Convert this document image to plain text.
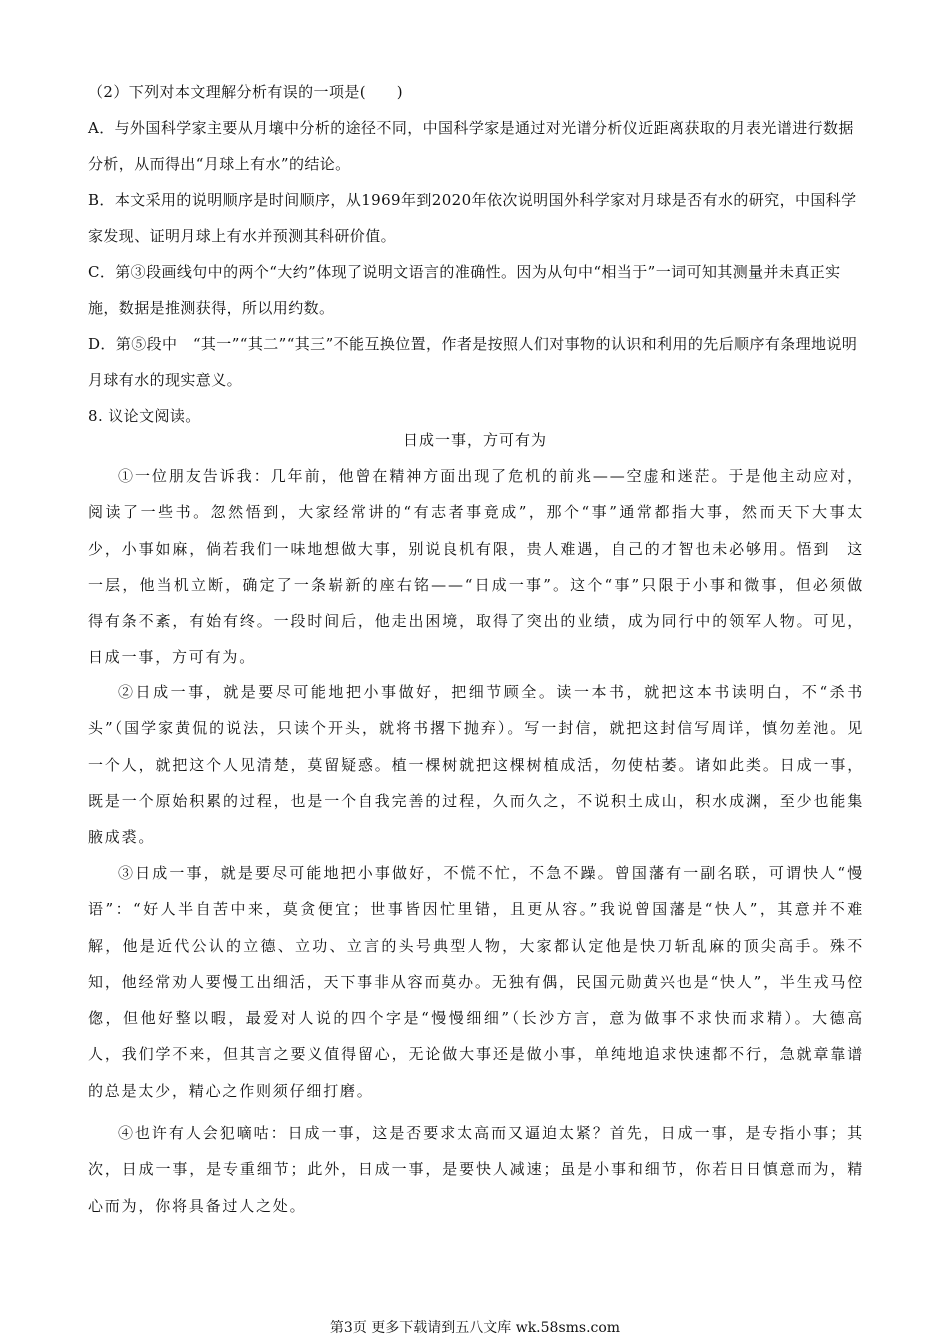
（2）下列对本文理解分析有误的一项是(　　)

A．与外国科学家主要从月壤中分析的途径不同，中国科学家是通过对光谱分析仪近距离获取的月表光谱进行数据分析，从而得出“月球上有水”的结论。

B．本文采用的说明顺序是时间顺序，从1969年到2020年依次说明国外科学家对月球是否有水的研究，中国科学家发现、证明月球上有水并预测其科研价值。

C．第③段画线句中的两个“大约”体现了说明文语言的准确性。因为从句中“相当于”一词可知其测量并未真正实施，数据是推测获得，所以用约数。

D．第⑤段中　“其一”“其二”“其三”不能互换位置，作者是按照人们对事物的认识和利用的先后顺序有条理地说明月球有水的现实意义。

8. 议论文阅读。

日成一事，方可有为

①一位朋友告诉我：几年前，他曾在精神方面出现了危机的前兆——空虚和迷茫。于是他主动应对，阅读了一些书。忽然悟到，大家经常讲的“有志者事竟成”，那个“事”通常都指大事，然而天下大事太少，小事如麻，倘若我们一味地想做大事，别说良机有限，贵人难遇，自己的才智也未必够用。悟到　这一层，他当机立断，确定了一条崭新的座右铭——“日成一事”。这个“事”只限于小事和微事，但必须做得有条不紊，有始有终。一段时间后，他走出困境，取得了突出的业绩，成为同行中的领军人物。可见，日成一事，方可有为。

②日成一事，就是要尽可能地把小事做好，把细节顾全。读一本书，就把这本书读明白，不“杀书头”（国学家黄侃的说法，只读个开头，就将书撂下抛弃）。写一封信，就把这封信写周详，慎勿差池。见一个人，就把这个人见清楚，莫留疑惑。植一棵树就把这棵树植成活，勿使枯萎。诸如此类。日成一事，既是一个原始积累的过程，也是一个自我完善的过程，久而久之，不说积土成山，积水成渊，至少也能集腋成裘。

③日成一事，就是要尽可能地把小事做好，不慌不忙，不急不躁。曾国藩有一副名联，可谓快人“慢语”：“好人半自苦中来，莫贪便宜；世事皆因忙里错，且更从容。”我说曾国藩是“快人”，其意并不难解，他是近代公认的立德、立功、立言的头号典型人物，大家都认定他是快刀斩乱麻的顶尖高手。殊不知，他经常劝人要慢工出细活，天下事非从容而莫办。无独有偶，民国元勋黄兴也是“快人”，半生戎马倥偬，但他好整以暇，最爱对人说的四个字是“慢慢细细”（长沙方言，意为做事不求快而求精）。大德高人，我们学不来，但其言之要义值得留心，无论做大事还是做小事，单纯地追求快速都不行，急就章靠谱的总是太少，精心之作则须仔细打磨。

④也许有人会犯嘀咕：日成一事，这是否要求太高而又逼迫太紧？首先，日成一事，是专指小事；其次，日成一事，是专重细节；此外，日成一事，是要快人减速；虽是小事和细节，你若日日慎意而为，精心而为，你将具备过人之处。

第3页 更多下载请到五八文库 wk.58sms.com
